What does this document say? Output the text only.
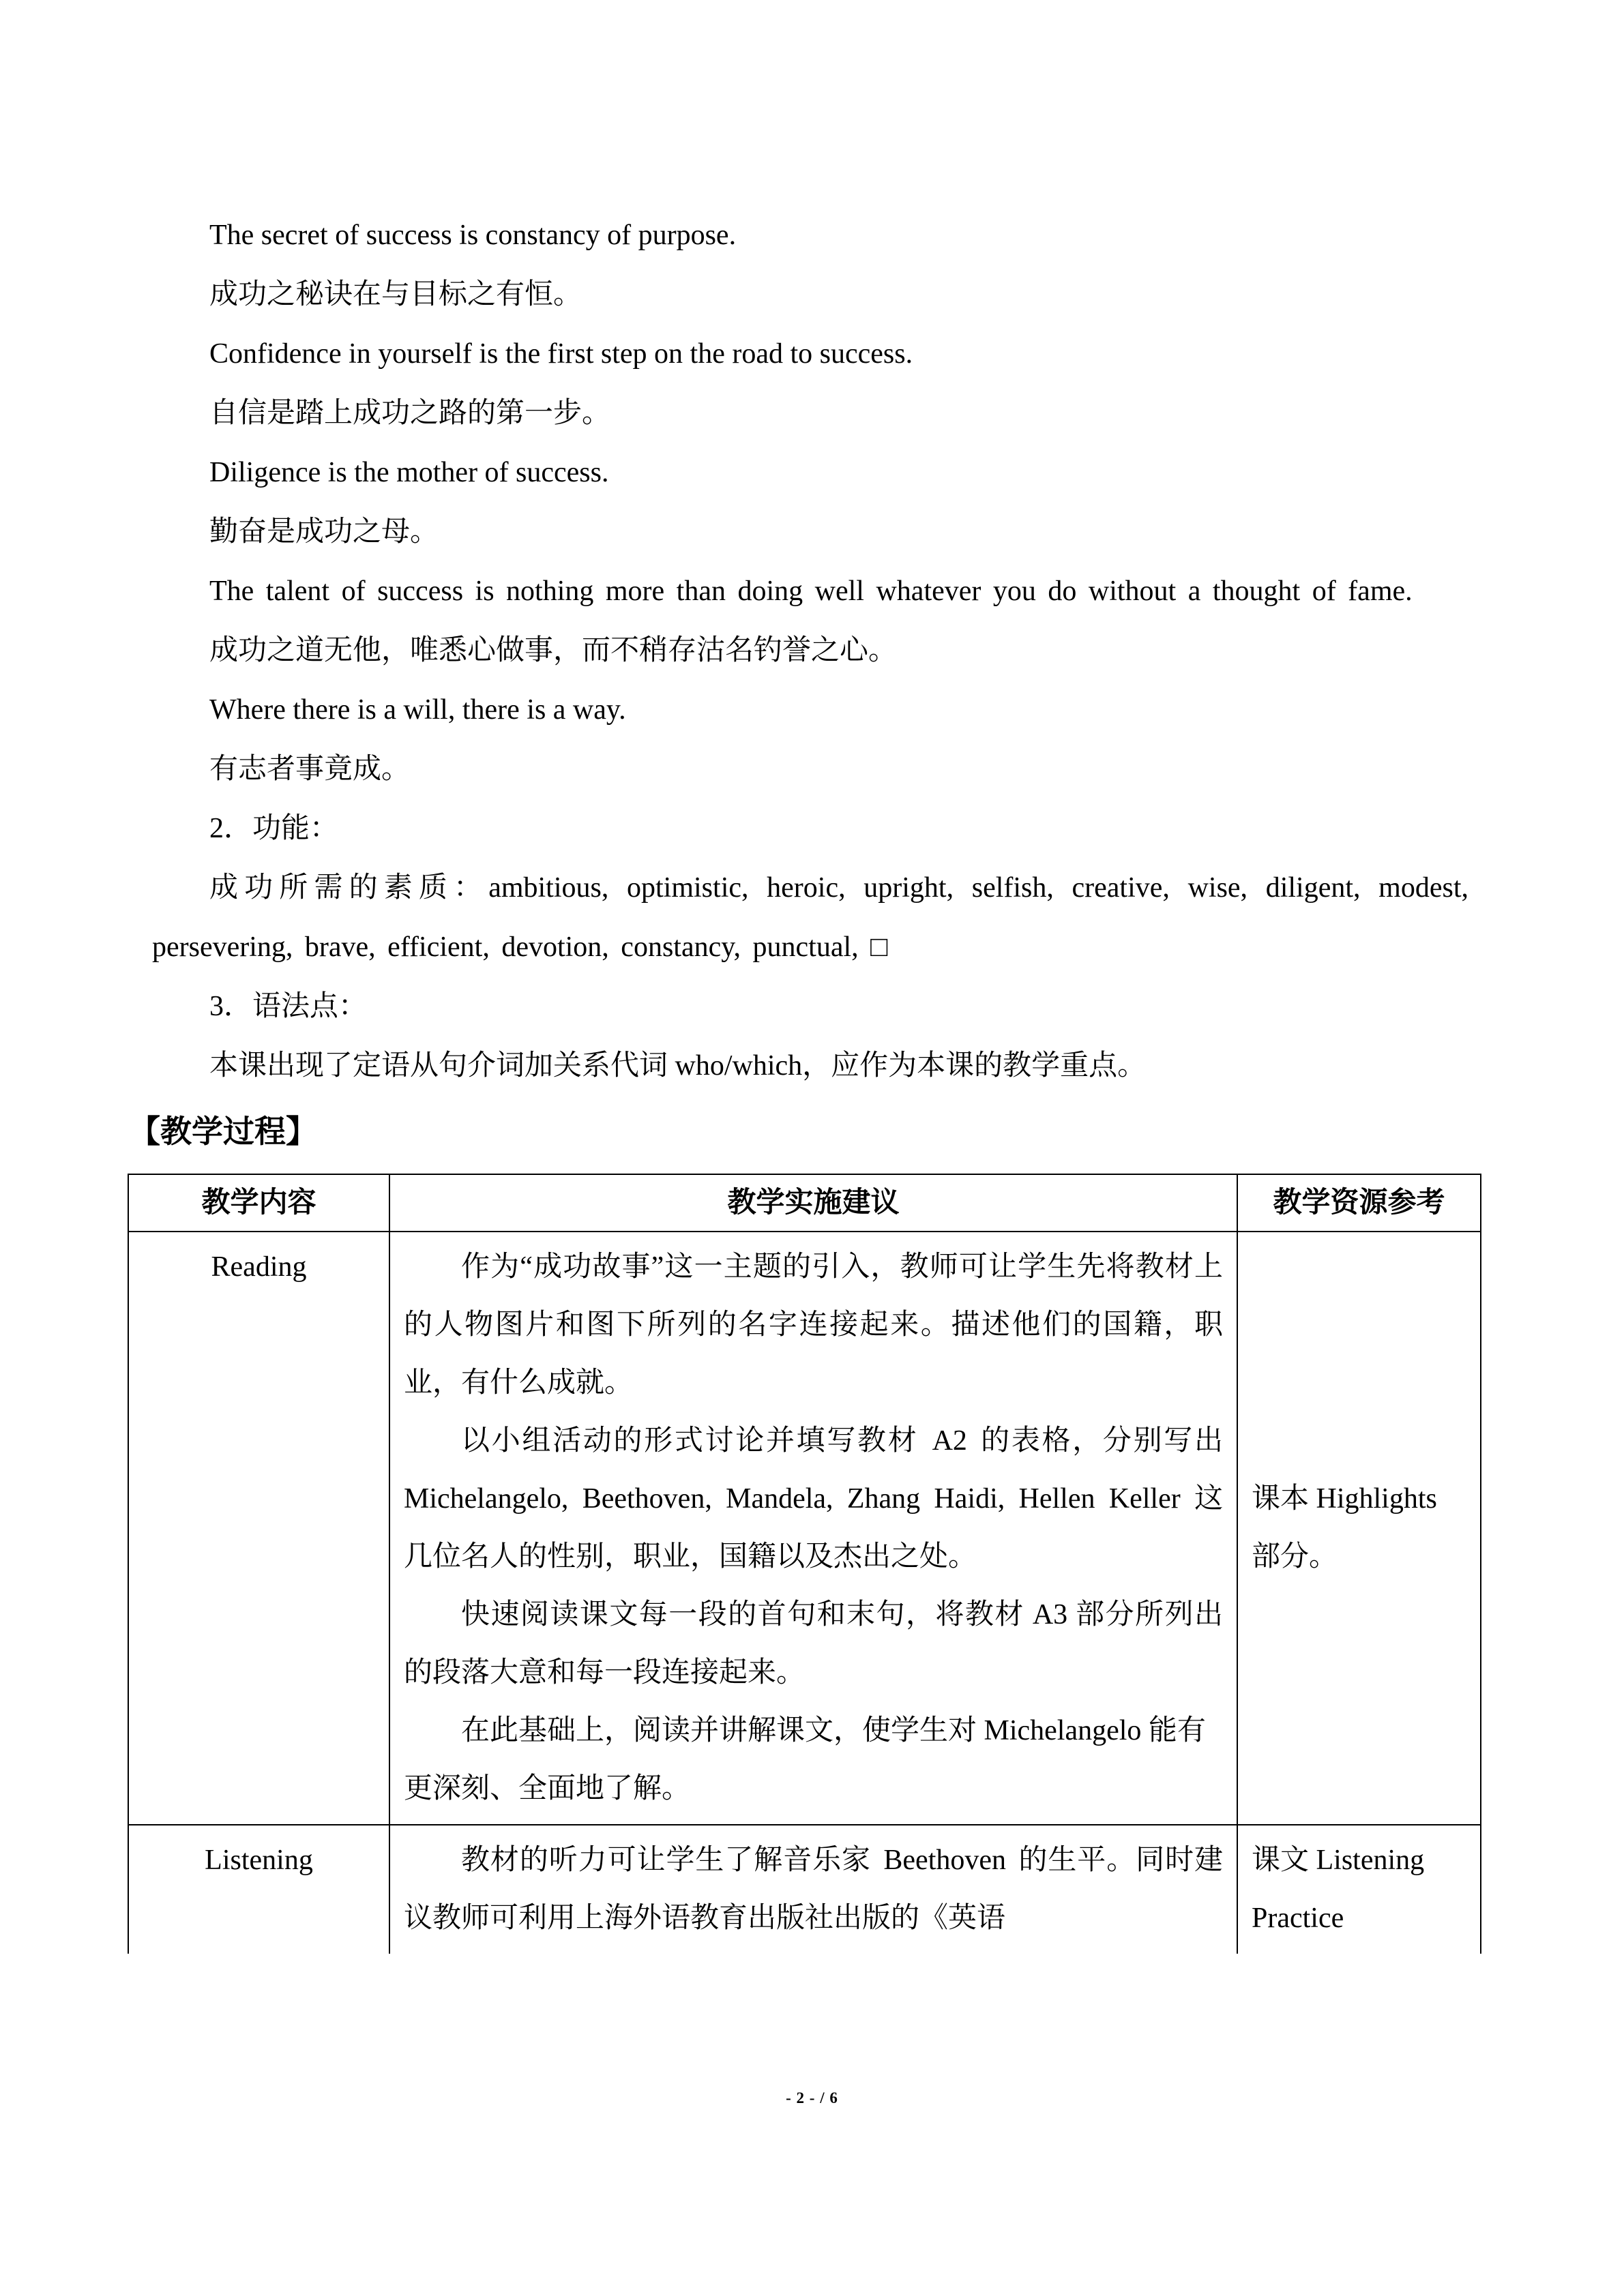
The secret of success is constancy of purpose.

成功之秘诀在与目标之有恒。

Confidence in yourself is the first step on the road to success.

自信是踏上成功之路的第一步。

Diligence is the mother of success.

勤奋是成功之母。

The talent of success is nothing more than doing well whatever you do without a thought of fame.

成功之道无他，唯悉心做事，而不稍存沽名钓誉之心。

Where there is a will, there is a way.

有志者事竟成。

2．功能：

成功所需的素质：ambitious, optimistic, heroic, upright, selfish, creative, wise, diligent, modest, persevering, brave, efficient, devotion, constancy, punctual, □

3．语法点：

本课出现了定语从句介词加关系代词 who/which，应作为本课的教学重点。

【教学过程】
教学内容	教学实施建议	教学资源参考
Reading	作为“成功故事”这一主题的引入，教师可让学生先将教材上的人物图片和图下所列的名字连接起来。描述他们的国籍，职业，有什么成就。

以小组活动的形式讨论并填写教材 A2 的表格，分别写出 Michelangelo, Beethoven, Mandela, Zhang Haidi, Hellen Keller 这几位名人的性别，职业，国籍以及杰出之处。

快速阅读课文每一段的首句和末句，将教材 A3 部分所列出的段落大意和每一段连接起来。

在此基础上，阅读并讲解课文，使学生对 Michelangelo 能有更深刻、全面地了解。	课本 Highlights 部分。

Listening	教材的听力可让学生了解音乐家 Beethoven 的生平。同时建议教师可利用上海外语教育出版社出版的《英语	课文 Listening Practice

- 2 - / 6
